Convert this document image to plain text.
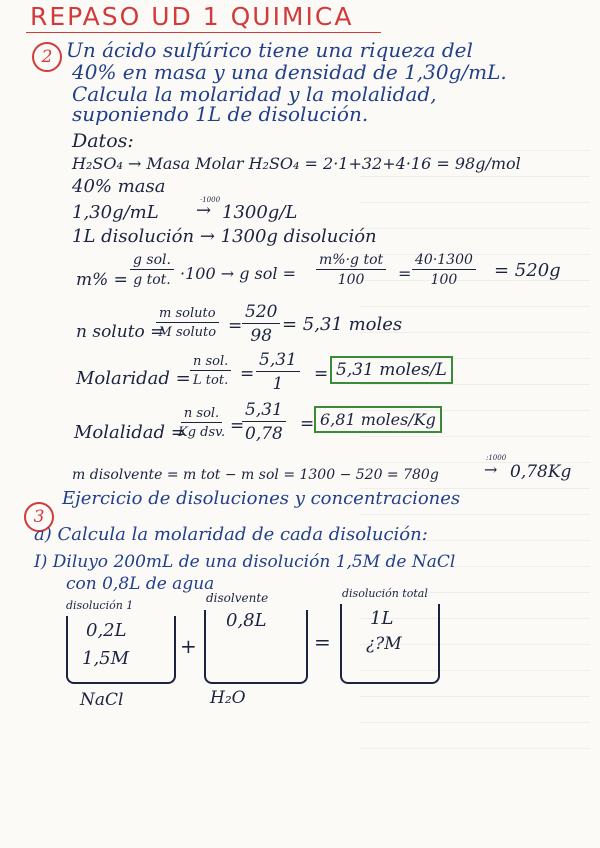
REPASO UD 1 QUIMICA
2 Un ácido sulfúrico tiene una riqueza del
40% en masa y una densidad de 1,30g/mL.
Calcula la molaridad y la molalidad,
suponiendo 1L de disolución.
Datos:
H₂SO₄ → Masa Molar H₂SO₄ = 2·1+32+4·16 = 98g/mol
40% masa
1,30g/mL
·1000
→ 1300g/L
1L disolución → 1300g disolución
m% =
g sol.
g tot. ·100 → g sol =
m%·g tot
$100 = \frac{40\cdot 1300}{100} = 520g$
n soluto =
m soluto
M soluto = $\frac{520}{98} = 5,31$ moles
Molaridad =
n sol.
L tot. = $\frac{5,31}{1} = 5,31$ moles/L
Molalidad =
n sol.
Kg dsv. =
$\frac{5,31}{0,78} = 6,81$ moles/Kg
m disolvente = m tot − m sol = 1300 − 520 = 780g
:1000
→ 0,78Kg
3
Ejercicio de disoluciones y concentraciones
a) Calcula la molaridad de cada disolución:
I) Diluyo 200mL de una disolución 1,5M de NaCl
con 0,8L de agua
disolución 1
0,2L
1,5M
NaCl
+
disolvente
0,8L
H₂O
=
disolución total
1L
¿?M
